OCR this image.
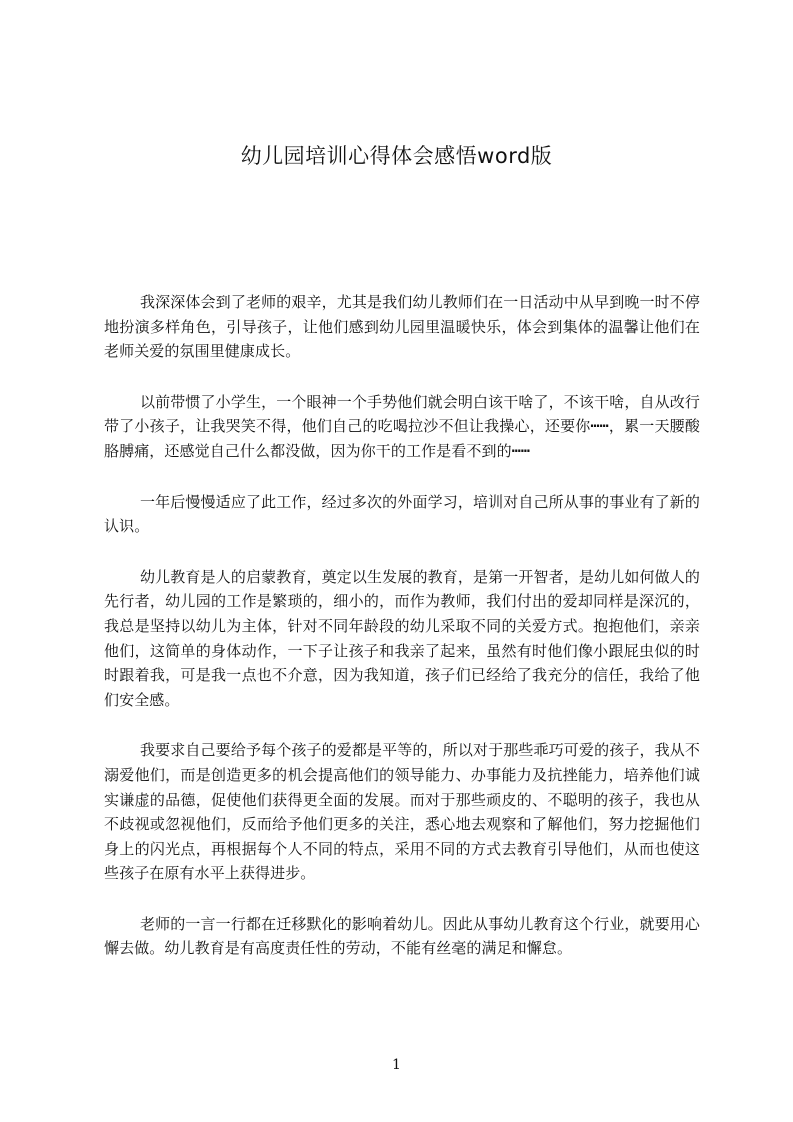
幼儿园培训心得体会感悟word版

我深深体会到了老师的艰辛，尤其是我们幼儿教师们在一日活动中从早到晚一时不停地扮演多样角色，引导孩子，让他们感到幼儿园里温暖快乐，体会到集体的温馨让他们在老师关爱的氛围里健康成长。

以前带惯了小学生，一个眼神一个手势他们就会明白该干啥了，不该干啥，自从改行带了小孩子，让我哭笑不得，他们自己的吃喝拉沙不但让我操心，还要你┅┅，累一天腰酸胳膊痛，还感觉自己什么都没做，因为你干的工作是看不到的┅┅

一年后慢慢适应了此工作，经过多次的外面学习，培训对自己所从事的事业有了新的认识。

幼儿教育是人的启蒙教育，奠定以生发展的教育，是第一开智者，是幼儿如何做人的先行者，幼儿园的工作是繁琐的，细小的，而作为教师，我们付出的爱却同样是深沉的，我总是坚持以幼儿为主体，针对不同年龄段的幼儿采取不同的关爱方式。抱抱他们，亲亲他们，这简单的身体动作，一下子让孩子和我亲了起来，虽然有时他们像小跟屁虫似的时时跟着我，可是我一点也不介意，因为我知道，孩子们已经给了我充分的信任，我给了他们安全感。

我要求自己要给予每个孩子的爱都是平等的，所以对于那些乖巧可爱的孩子，我从不溺爱他们，而是创造更多的机会提高他们的领导能力、办事能力及抗挫能力，培养他们诚实谦虚的品德，促使他们获得更全面的发展。而对于那些顽皮的、不聪明的孩子，我也从不歧视或忽视他们，反而给予他们更多的关注，悉心地去观察和了解他们，努力挖掘他们身上的闪光点，再根据每个人不同的特点，采用不同的方式去教育引导他们，从而也使这些孩子在原有水平上获得进步。

老师的一言一行都在迁移默化的影响着幼儿。因此从事幼儿教育这个行业，就要用心懈去做。幼儿教育是有高度责任性的劳动，不能有丝毫的满足和懈怠。

1
